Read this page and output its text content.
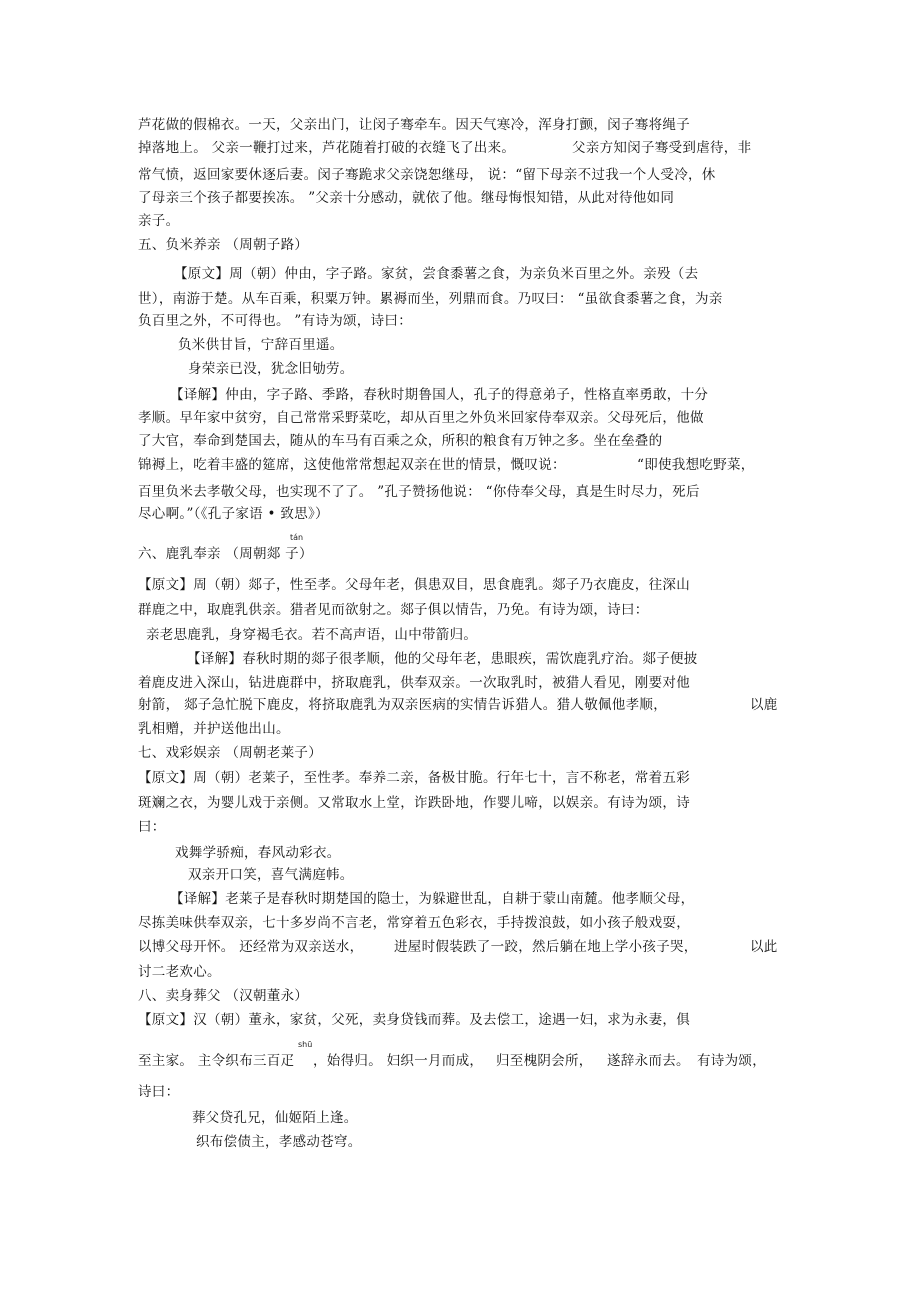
芦花做的假棉衣。一天，父亲出门，让闵子骞牵车。因天气寒冷，浑身打颤，闵子骞将绳子
掉落地上。 父亲一鞭打过来，芦花随着打破的衣缝飞了出来。	父亲方知闵子骞受到虐待，非
常气愤，返回家要休逐后妻。闵子骞跪求父亲饶恕继母， 说：“留下母亲不过我一个人受冷，休
了母亲三个孩子都要挨冻。 ”父亲十分感动，就依了他。继母悔恨知错，从此对待他如同
亲子。
五、负米养亲 （周朝子路）
【原文】周（朝）仲由，字子路。家贫，尝食黍薯之食，为亲负米百里之外。亲殁（去
世），南游于楚。从车百乘，积粟万钟。累褥而坐，列鼎而食。乃叹曰： “虽欲食黍薯之食，为亲
负百里之外，不可得也。 ”有诗为颂，诗曰：
负米供甘旨，宁辞百里遥。
身荣亲已没，犹念旧劬劳。
【译解】仲由，字子路、季路，春秋时期鲁国人，孔子的得意弟子，性格直率勇敢，十分
孝顺。早年家中贫穷，自己常常采野菜吃，却从百里之外负米回家侍奉双亲。父母死后，他做
了大官，奉命到楚国去，随从的车马有百乘之众，所积的粮食有万钟之多。坐在垒叠的
锦褥上，吃着丰盛的筵席，这使他常常想起双亲在世的情景，慨叹说：	“即使我想吃野菜，
百里负米去孝敬父母，也实现不了了。 ”孔子赞扬他说： “你侍奉父母，真是生时尽力，死后
尽心啊。”（《孔子家语 • 致思》）
tán
六、鹿乳奉亲 （周朝郯 子）
【原文】周（朝）郯子，性至孝。父母年老，俱患双目，思食鹿乳。郯子乃衣鹿皮，往深山
群鹿之中，取鹿乳供亲。猎者见而欲射之。郯子俱以情告，乃免。有诗为颂，诗曰：
亲老思鹿乳，身穿褐毛衣。若不高声语，山中带箭归。
【译解】春秋时期的郯子很孝顺，他的父母年老，患眼疾，需饮鹿乳疗治。郯子便披
着鹿皮进入深山，钻进鹿群中，挤取鹿乳，供奉双亲。一次取乳时，被猎人看见，刚要对他
射箭， 郯子急忙脱下鹿皮，将挤取鹿乳为双亲医病的实情告诉猎人。猎人敬佩他孝顺，	以鹿
乳相赠，并护送他出山。
七、戏彩娱亲 （周朝老莱子）
【原文】周（朝）老莱子，至性孝。奉养二亲，备极甘脆。行年七十，言不称老，常着五彩
斑斓之衣，为婴儿戏于亲侧。又常取水上堂，诈跌卧地，作婴儿啼，以娱亲。有诗为颂，诗
曰：
戏舞学骄痴，春风动彩衣。
双亲开口笑，喜气满庭帏。
【译解】老莱子是春秋时期楚国的隐士，为躲避世乱，自耕于蒙山南麓。他孝顺父母，
尽拣美味供奉双亲，七十多岁尚不言老，常穿着五色彩衣，手持拨浪鼓，如小孩子般戏耍，
以博父母开怀。 还经常为双亲送水， 进屋时假装跌了一跤，然后躺在地上学小孩子哭，	以此
讨二老欢心。
八、卖身葬父 （汉朝董永）
【原文】汉（朝）董永，家贫，父死，卖身贷钱而葬。及去偿工，途遇一妇，求为永妻，俱
shū
至主家。 主令织布三百疋 ，始得归。 妇织一月而成， 归至槐阴会所， 遂辞永而去。 有诗为颂，
诗曰：
葬父贷孔兄，仙姬陌上逢。
织布偿债主，孝感动苍穹。
